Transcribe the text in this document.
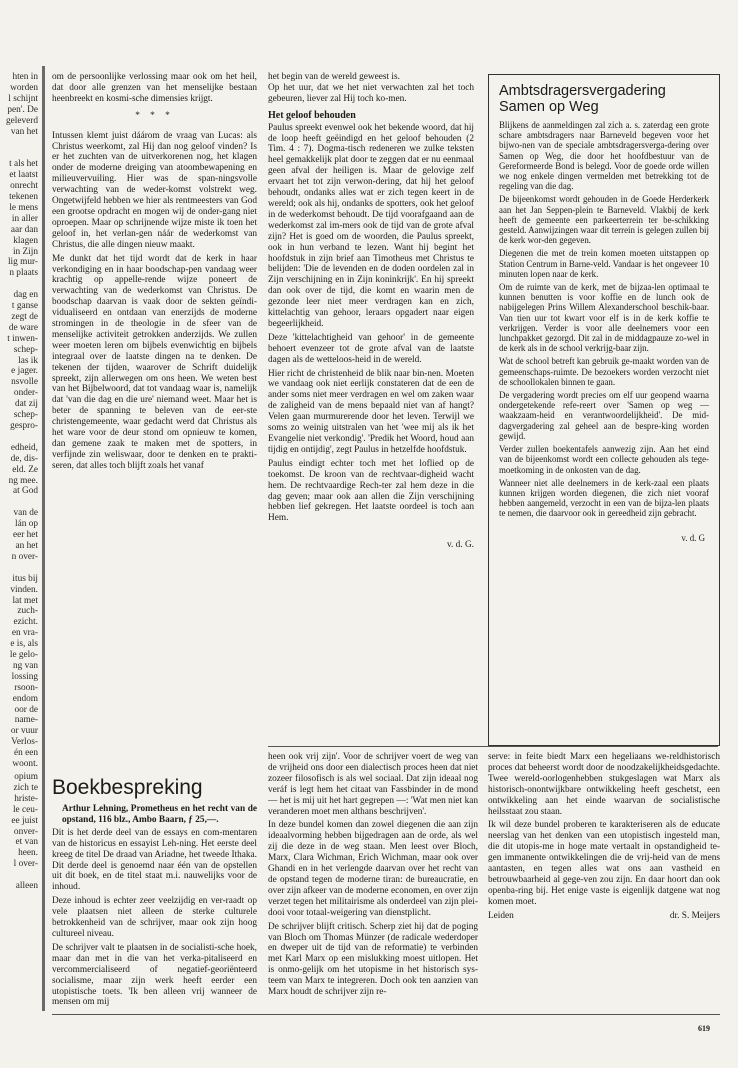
hten in
worden
l schijnt
pen'. De
geleverd
van het

t als het
et laatst
onrecht
tekenen
le mens
in aller
aar dan
klagen
in Zijn
lig mur-
n plaats

dag en
t ganse
zegt de
de ware
t inwen-
schep-
las ik
e jager.
nsvolle
onder-
dat zij
schep-
gespro-

edheid,
de, dis-
eld. Ze
ng mee.
at God

van de
lán op
eer het
an het
n over-

itus bij
vinden.
lat met
zuch-
ezicht.
en vra-
e is, als
le gelo-
ng van
lossing
rsoon-
endom
oor de
name-
or vuur
Verlos-
én een
woont.
opium
zich te
hriste-
le ceu-
ee juist
onver-
et van
heen.
l over-

alleen

om de persoonlijke verlossing maar ook om het heil, dat door alle grenzen van het menselijke bestaan heenbreekt en kosmi-sche dimensies krijgt.

* * *

Intussen klemt juist dáárom de vraag van Lucas: als Christus weerkomt, zal Hij dan nog geloof vinden? Is er het zuchten van de uitverkorenen nog, het klagen onder de moderne dreiging van atoombewapening en milieuvervuiling. Hier was de span-ningsvolle verwachting van de weder-komst volstrekt weg. Ongetwijfeld hebben we hier als rentmeesters van God een grootse opdracht en mogen wij de onder-gang niet oproepen. Maar op schrijnende wijze miste ik toen het geloof in, het verlan-gen náár de wederkomst van Christus, die alle dingen nieuw maakt.

Me dunkt dat het tijd wordt dat de kerk in haar verkondiging en in haar boodschap-pen vandaag weer krachtig op appelle-rende wijze poneert de verwachting van de wederkomst van Christus. De boodschap daarvan is vaak door de sekten geïndi-vidualiseerd en ontdaan van enerzijds de moderne stromingen in de theologie in de sfeer van de menselijke activiteit getrokken anderzijds. We zullen weer moeten leren om bijbels evenwichtig en bijbels integraal over de laatste dingen na te denken. De tekenen der tijden, waarover de Schrift duidelijk spreekt, zijn allerwegen om ons heen. We weten best van het Bijbelwoord, dat tot vandaag waar is, namelijk dat 'van die dag en die ure' niemand weet. Maar het is beter de spanning te beleven van de eer-ste christengemeente, waar gedacht werd dat Christus als het ware voor de deur stond om opnieuw te komen, dan gemene zaak te maken met de spotters, in verfijnde zin weliswaar, door te denken en te prakti-seren, dat alles toch blijft zoals het vanaf

het begin van de wereld geweest is.

Op het uur, dat we het niet verwachten zal het toch gebeuren, liever zal Hij toch ko-men.

Het geloof behouden

Paulus spreekt evenwel ook het bekende woord, dat hij de loop heeft geëindigd en het geloof behouden (2 Tim. 4 : 7). Dogma-tisch redeneren we zulke teksten heel gemakkelijk plat door te zeggen dat er nu eenmaal geen afval der heiligen is. Maar de gelovige zelf ervaart het tot zijn verwon-dering, dat hij het geloof behoudt, ondanks alles wat er zich tegen keert in de wereld; ook als hij, ondanks de spotters, ook het geloof in de wederkomst behoudt. De tijd voorafgaand aan de wederkomst zal im-mers ook de tijd van de grote afval zijn? Het is goed om de woorden, die Paulus spreekt, ook in hun verband te lezen. Want hij begint het hoofdstuk in zijn brief aan Timotheus met Christus te belijden: 'Die de levenden en de doden oordelen zal in Zijn verschijning en in Zijn koninkrijk'. En hij spreekt dan ook over de tijd, die komt en waarin men de gezonde leer niet meer verdragen kan en zich, kittelachtig van gehoor, leraars opgadert naar eigen begeerlijkheid.

Deze 'kittelachtigheid van gehoor' in de gemeente behoert evenzeer tot de grote afval van de laatste dagen als de wetteloos-heid in de wereld.

Hier richt de christenheid de blik naar bin-nen. Moeten we vandaag ook niet eerlijk constateren dat de een de ander soms niet meer verdragen en wel om zaken waar de zaligheid van de mens bepaald niet van af hangt? Velen gaan murmurerende door het leven. Terwijl we soms zo weinig uitstralen van het 'wee mij als ik het Evangelie niet verkondig'. 'Predik het Woord, houd aan tijdig en ontijdig', zegt Paulus in hetzelfde hoofdstuk.

Paulus eindigt echter toch met het loflied op de toekomst. De kroon van de rechtvaar-digheid wacht hem. De rechtvaardige Rech-ter zal hem deze in die dag geven; maar ook aan allen die Zijn verschijning hebben lief gekregen. Het laatste oordeel is toch aan Hem.

v. d. G.
Ambtsdragersvergadering Samen op Weg

Blijkens de aanmeldingen zal zich a. s. zaterdag een grote schare ambtsdragers naar Barneveld begeven voor het bijwo-nen van de speciale ambtsdragersverga-dering over Samen op Weg, die door het hoofdbestuur van de Gereformeerde Bond is belegd. Voor de goede orde willen we nog enkele dingen vermelden met betrekking tot de regeling van die dag.

De bijeenkomst wordt gehouden in de Goede Herderkerk aan het Jan Seppen-plein te Barneveld. Vlakbij de kerk heeft de gemeente een parkeerterrein ter be-schikking gesteld. Aanwijzingen waar dit terrein is gelegen zullen bij de kerk wor-den gegeven.

Diegenen die met de trein komen moeten uitstappen op Station Centrum in Barne-veld. Vandaar is het ongeveer 10 minuten lopen naar de kerk.

Om de ruimte van de kerk, met de bijzaa-len optimaal te kunnen benutten is voor koffie en de lunch ook de nabijgelegen Prins Willem Alexanderschool beschik-baar. Van tien uur tot kwart voor elf is in de kerk koffie te verkrijgen. Verder is voor alle deelnemers voor een lunchpakket gezorgd. Dit zal in de middagpauze zo-wel in de kerk als in de school verkrijg-baar zijn.

Wat de school betreft kan gebruik ge-maakt worden van de gemeenschaps-ruimte. De bezoekers worden verzocht niet de schoollokalen binnen te gaan.

De vergadering wordt precies om elf uur geopend waarna ondergetekende refe-reert over 'Samen op weg — waakzaam-heid en verantwoordelijkheid'. De mid-dagvergadering zal geheel aan de bespre-king worden gewijd.

Verder zullen boekentafels aanwezig zijn. Aan het eind van de bijeenkomst wordt een collecte gehouden als tege-moetkoming in de onkosten van de dag.

Wanneer niet alle deelnemers in de kerk-zaal een plaats kunnen krijgen worden diegenen, die zich niet vooraf hebben aangemeld, verzocht in een van de bijza-len plaats te nemen, die daarvoor ook in gereedheid zijn gebracht.

v. d. G
Boekbespreking

Arthur Lehning, Prometheus en het recht van de opstand, 116 blz., Ambo Baarn, ƒ 25,—.

Dit is het derde deel van de essays en com-mentaren van de historicus en essayist Leh-ning. Het eerste deel kreeg de titel De draad van Ariadne, het tweede Ithaka. Dit derde deel is genoemd naar één van de opstellen uit dit boek, en de titel staat m.i. nauwelijks voor de inhoud.

Deze inhoud is echter zeer veelzijdig en ver-raadt op vele plaatsen niet alleen de sterke culturele betrokkenheid van de schrijver, maar ook zijn hoog cultureel niveau.

De schrijver valt te plaatsen in de socialisti-sche hoek, maar dan met in die van het verka-pitaliseerd en vercommercialiseerd of negatief-georiënteerd socialisme, maar zijn werk heeft eerder een utopistische toets. 'Ik ben alleen vrij wanneer de mensen om mij

heen ook vrij zijn'. Voor de schrijver voert de weg van de vrijheid ons door een dialectisch proces heen dat niet zozeer filosofisch is als wel sociaal. Dat zijn ideaal nog veráf is legt hem het citaat van Fassbinder in de mond — het is mij uit het hart gegrepen —: 'Wat men niet kan veranderen moet men althans beschrijven'.

In deze bundel komen dan zowel diegenen die aan zijn ideaalvorming hebben bijgedragen aan de orde, als wel zij die deze in de weg staan. Men leest over Bloch, Marx, Clara Wichman, Erich Wichman, maar ook over Ghandi en in het verlengde daarvan over het recht van de opstand tegen de moderne tiran: de bureaucratie, en over zijn afkeer van de moderne economen, en over zijn verzet tegen het militairisme als onderdeel van zijn plei-dooi voor totaal-weigering van dienstplicht.

De schrijver blijft critisch. Scherp ziet hij dat de poging van Bloch om Thomas Münzer (de radicale wederdoper en dweper uit de tijd van de reformatie) te verbinden met Karl Marx op een mislukking moest uitlopen. Het is onmo-gelijk om het utopisme in het historisch sys-teem van Marx te integreren. Doch ook ten aanzien van Marx houdt de schrijver zijn re-

serve: in feite biedt Marx een hegeliaans we-reldhistorisch proces dat beheerst wordt door de noodzakelijkheidsgedachte. Twee wereld-oorlogenhebben stukgeslagen wat Marx als historisch-onontwijkbare ontwikkeling heeft geschetst, een ontwikkeling aan het einde waarvan de socialistische heilsstaat zou staan.

Ik wil deze bundel proberen te karakteriseren als de educate neerslag van het denken van een utopistisch ingesteld man, die dit utopis-me in hoge mate vertaalt in opstandigheid te-gen immanente ontwikkelingen die de vrij-heid van de mens aantasten, en tegen alles wat ons aan vastheid en betrouwbaarheid al gege-ven zou zijn. En daar hoort dan ook openba-ring bij. Het enige vaste is eigenlijk datgene wat nog komen moet.

Leiden	dr. S. Meijers
619
